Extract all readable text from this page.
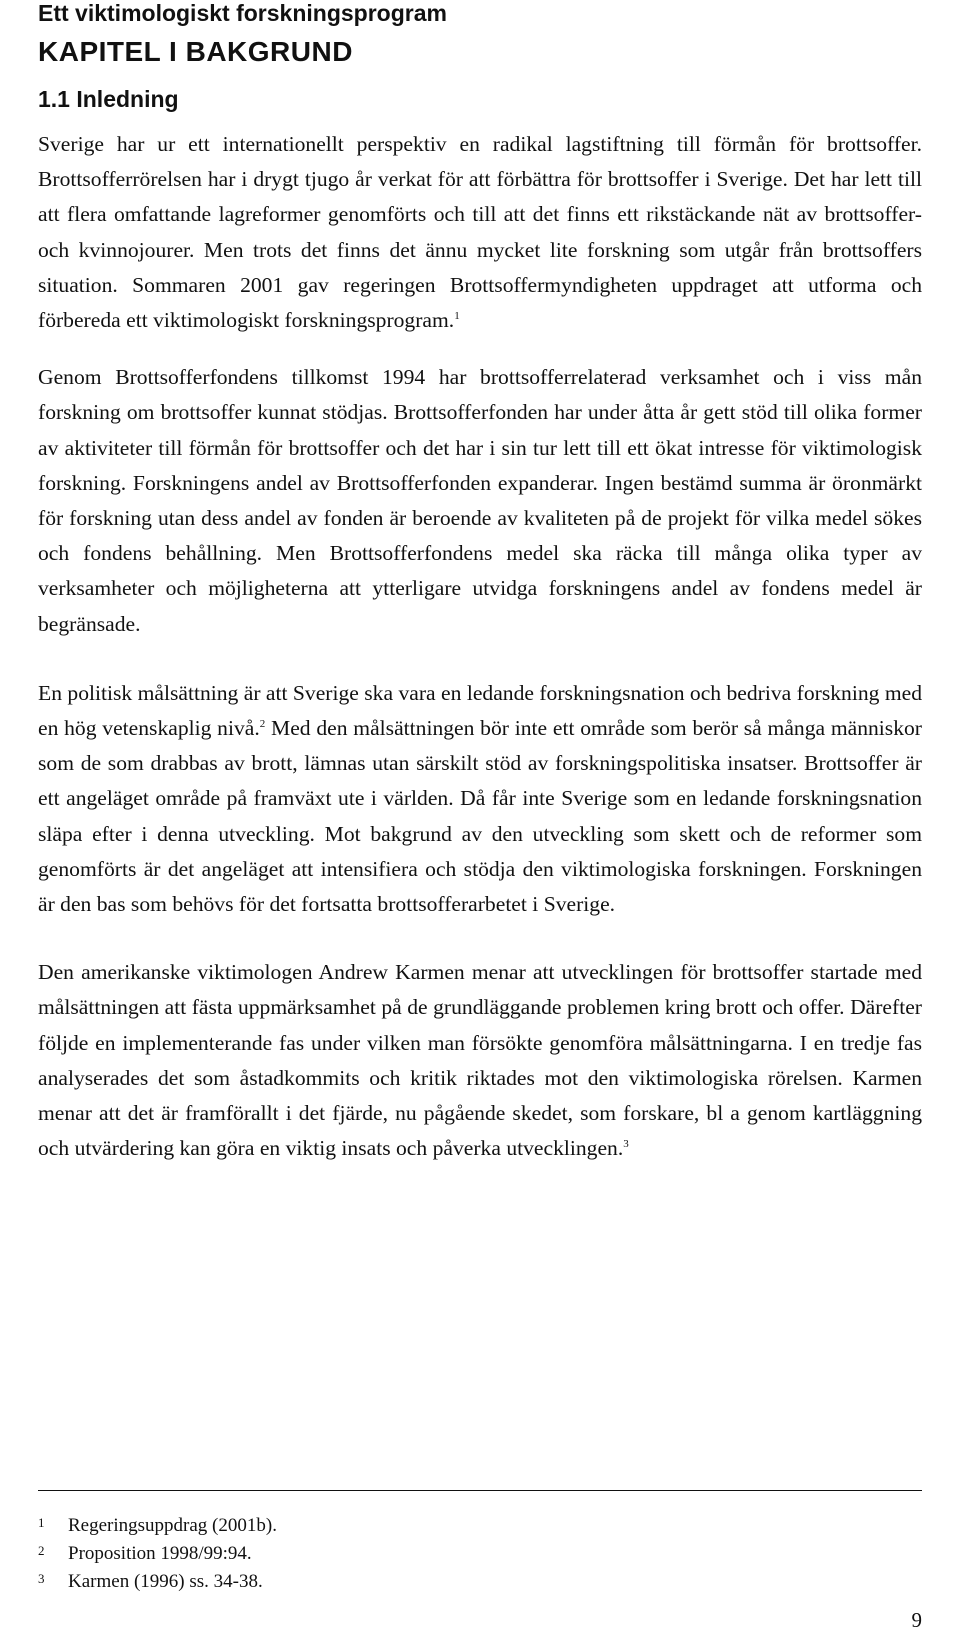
Ett viktimologiskt forskningsprogram
KAPITEL I BAKGRUND
1.1 Inledning

Sverige har ur ett internationellt perspektiv en radikal lagstiftning till förmån för brottsoffer. Brottsofferrörelsen har i drygt tjugo år verkat för att förbättra för brottsoffer i Sverige. Det har lett till att flera omfattande lagreformer genomförts och till att det finns ett rikstäckande nät av brottsoffer- och kvinnojourer. Men trots det finns det ännu mycket lite forskning som utgår från brottsoffers situation. Sommaren 2001 gav regeringen Brottsoffermyndigheten uppdraget att utforma och förbereda ett viktimologiskt forskningsprogram.$^1$

Genom Brottsofferfondens tillkomst 1994 har brottsofferrelaterad verksamhet och i viss mån forskning om brottsoffer kunnat stödjas. Brottsofferfonden har under åtta år gett stöd till olika former av aktiviteter till förmån för brottsoffer och det har i sin tur lett till ett ökat intresse för viktimologisk forskning. Forskningens andel av Brottsofferfonden expanderar. Ingen bestämd summa är öronmärkt för forskning utan dess andel av fonden är beroende av kvaliteten på de projekt för vilka medel sökes och fondens behållning. Men Brottsofferfondens medel ska räcka till många olika typer av verksamheter och möjligheterna att ytterligare utvidga forskningens andel av fondens medel är begränsade.

En politisk målsättning är att Sverige ska vara en ledande forskningsnation och bedriva forskning med en hög vetenskaplig nivå.$^2$ Med den målsättningen bör inte ett område som berör så många människor som de som drabbas av brott, lämnas utan särskilt stöd av forskningspolitiska insatser. Brottsoffer är ett angeläget område på framväxt ute i världen. Då får inte Sverige som en ledande forskningsnation släpa efter i denna utveckling. Mot bakgrund av den utveckling som skett och de reformer som genomförts är det angeläget att intensifiera och stödja den viktimologiska forskningen. Forskningen är den bas som behövs för det fortsatta brottsofferarbetet i Sverige.

Den amerikanske viktimologen Andrew Karmen menar att utvecklingen för brottsoffer startade med målsättningen att fästa uppmärksamhet på de grundläggande problemen kring brott och offer. Därefter följde en implementerande fas under vilken man försökte genomföra målsättningarna. I en tredje fas analyserades det som åstadkommits och kritik riktades mot den viktimologiska rörelsen. Karmen menar att det är framförallt i det fjärde, nu pågående skedet, som forskare, bl a genom kartläggning och utvärdering kan göra en viktig insats och påverka utvecklingen.$^3$

1	Regeringsuppdrag (2001b).
2	Proposition 1998/99:94.
3	Karmen (1996) ss. 34-38.
9
